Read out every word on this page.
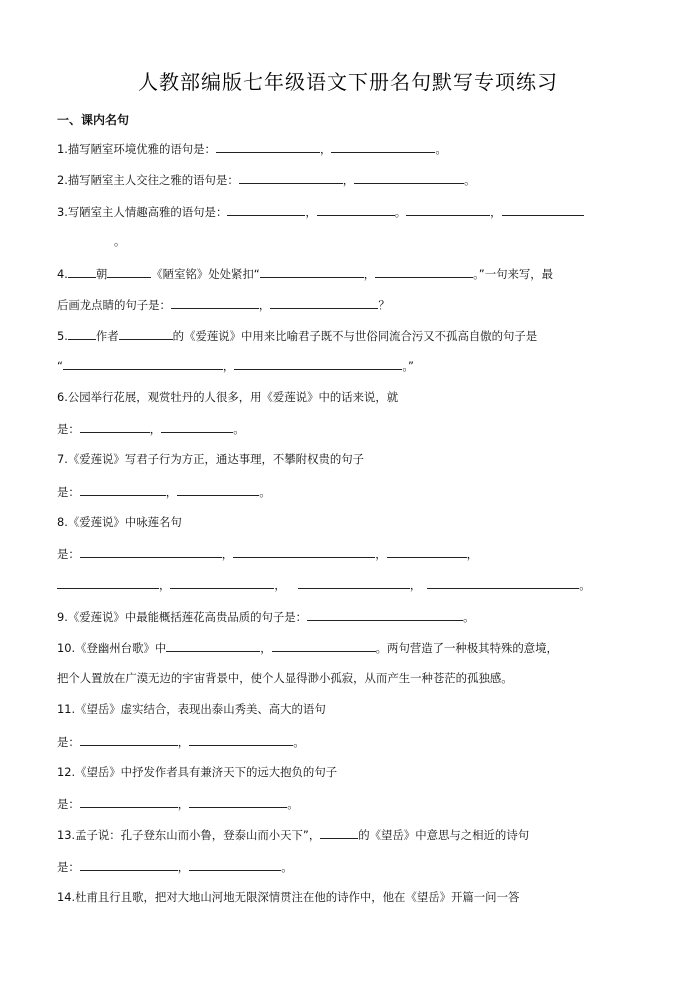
人教部编版七年级语文下册名句默写专项练习
一、课内名句
1.描写陋室环境优雅的语句是：	，	。
2.描写陋室主人交往之雅的语句是：	，	。
3.写陋室主人情趣高雅的语句是：	，	。	，
。
4. 朝	《陋室铭》处处紧扣“	，	。”一句来写，最
后画龙点睛的句子是：	，	？
5. 作者	的《爱莲说》中用来比喻君子既不与世俗同流合污又不孤高自傲的句子是
“	，	。”
6.公园举行花展，观赏牡丹的人很多，用《爱莲说》中的话来说，就
是：	，	。
7.《爱莲说》写君子行为方正，通达事理，不攀附权贵的句子
是：	，	。
8.《爱莲说》中咏莲名句
是：	，	，	，
，	，	，	。
9.《爱莲说》中最能概括莲花高贵品质的句子是：	。
10.《登幽州台歌》中	，	。两句营造了一种极其特殊的意境，
把个人置放在广漠无边的宇宙背景中，使个人显得渺小孤寂，从而产生一种苍茫的孤独感。
11.《望岳》虚实结合，表现出泰山秀美、高大的语句
是：	，	。
12.《望岳》中抒发作者具有兼济天下的远大抱负的句子
是：	，	。
13.孟子说：孔子登东山而小鲁，登泰山而小天下”，	的《望岳》中意思与之相近的诗句
是：	，	。
14.杜甫且行且歌，把对大地山河地无限深情贯注在他的诗作中，他在《望岳》开篇一问一答
